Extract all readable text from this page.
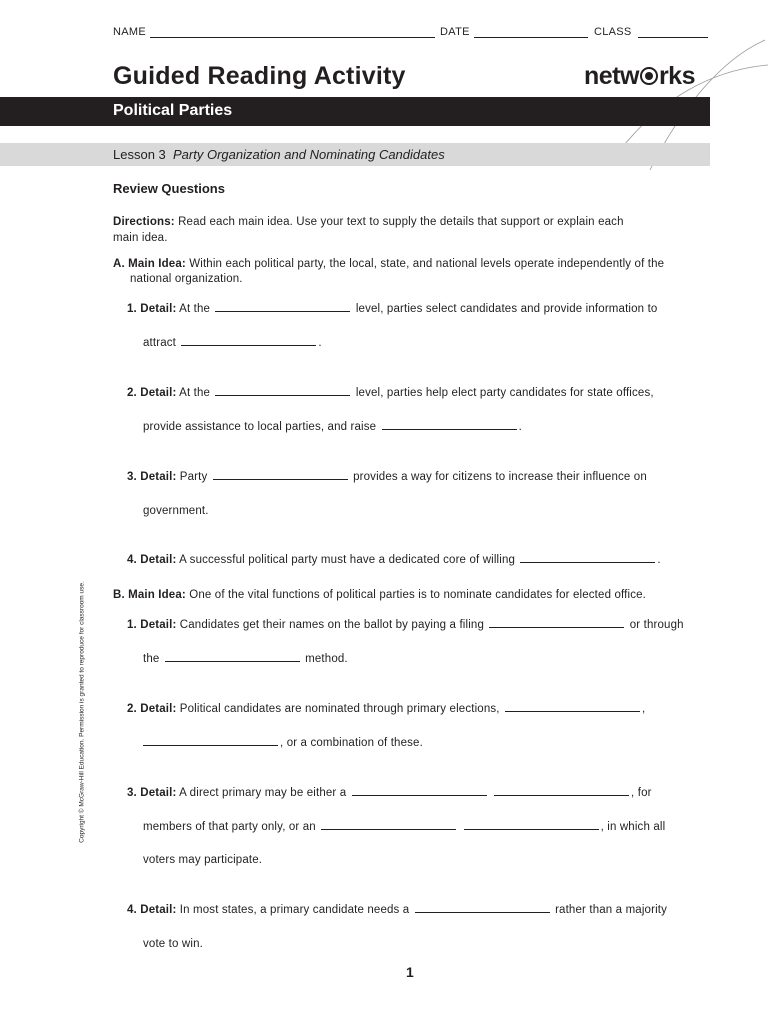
NAME	DATE	CLASS
Guided Reading Activity	netw rks
Political Parties
Lesson 3 Party Organization and Nominating Candidates
Review Questions
Directions: Read each main idea. Use your text to supply the details that support or explain each
main idea.
A. Main Idea: Within each political party, the local, state, and national levels operate independently of the
national organization.
1. Detail: At the	level, parties select candidates and provide information to
attract	.
2. Detail: At the	level, parties help elect party candidates for state offices,
provide assistance to local parties, and raise	.
3. Detail: Party	provides a way for citizens to increase their influence on
government.
4. Detail: A successful political party must have a dedicated core of willing	.
B. Main Idea: One of the vital functions of political parties is to nominate candidates for elected office.
1. Detail: Candidates get their names on the ballot by paying a filing	or through
the	method.
2. Detail: Political candidates are nominated through primary elections,	,
, or a combination of these.
3. Detail: A direct primary may be either a	, for
members of that party only, or an	, in which all
voters may participate.
4. Detail: In most states, a primary candidate needs a	rather than a majority
vote to win.
Copyright © McGraw-Hill Education. Permission is granted to reproduce for classroom use.
1
